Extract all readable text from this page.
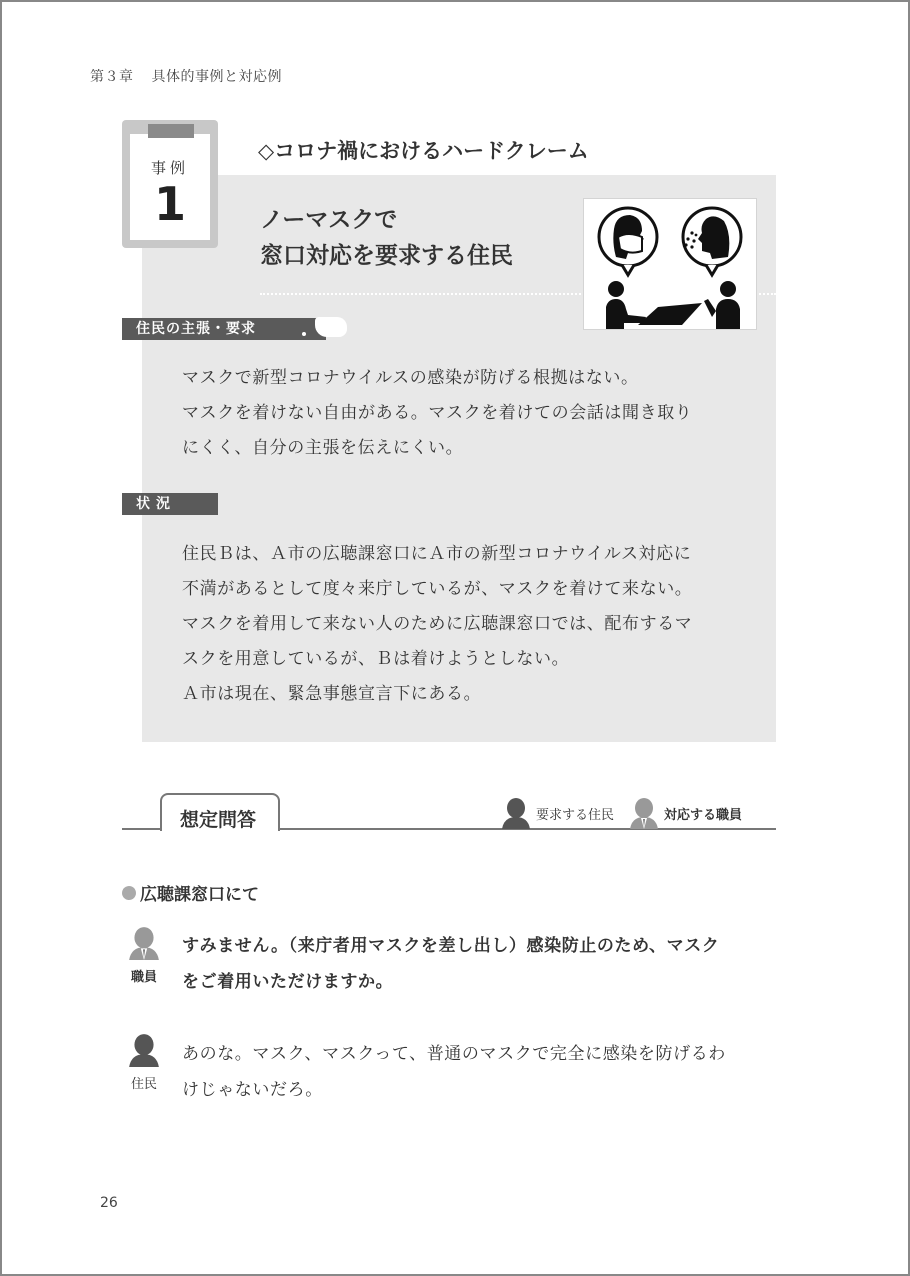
第３章 具体的事例と対応例
事例
1
◇コロナ禍におけるハードクレーム
ノーマスクで
窓口対応を要求する住民
住民の主張・要求
マスクで新型コロナウイルスの感染が防げる根拠はない。
マスクを着けない自由がある。マスクを着けての会話は聞き取り
にくく、自分の主張を伝えにくい。
状況
住民Ｂは、Ａ市の広聴課窓口にＡ市の新型コロナウイルス対応に
不満があるとして度々来庁しているが、マスクを着けて来ない。
マスクを着用して来ない人のために広聴課窓口では、配布するマ
スクを用意しているが、Ｂは着けようとしない。
Ａ市は現在、緊急事態宣言下にある。
想定問答	要求する住民	対応する職員
広聴課窓口にて
職員
すみません。（来庁者用マスクを差し出し）感染防止のため、マスク
をご着用いただけますか。
住民
あのな。マスク、マスクって、普通のマスクで完全に感染を防げるわ
けじゃないだろ。
26
